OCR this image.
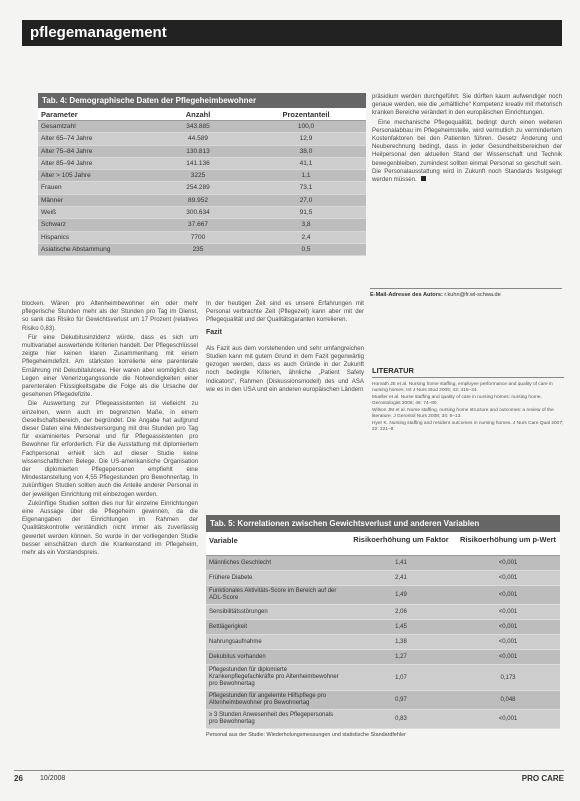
pflegemanagement
Tab. 4: Demographische Daten der Pflegeheimbewohner
Parameter	Anzahl	Prozentanteil
Gesamtzahl	343.885	100,0
Alter 65–74 Jahre	44.589	12,9
Alter 75–84 Jahre	130.813	38,0
Alter 85–94 Jahre	141.136	41,1
Alter > 105 Jahre	3225	1,1
Frauen	254.289	73,1
Männer	89.952	27,0
Weiß	300.634	91,5
Schwarz	37.667	3,8
Hispanics	7700	2,4
Asiatische Abstammung	235	0,5

präsidium werden durchgeführt. Sie dürften kaum aufwendiger noch genaue werden, wie die „erhältliche“ Kompetenz kreativ mit rhetorisch kranken Bereiche verändert in den europäischen Einrichtungen.

Eine mechanische Pflegequalität, bedingt durch einen weiteren Personalabbau im Pflegeheimstelle, wird vermutlich zu vermindertem Kostenfaktoren bei den Patienten führen. Gesetz Änderung und Neuberechnung bedingt, dass in jeder Gesundheitsbereichen der Heilpersonal den aktuellen Stand der Wissenschaft und Technik bewegenbleiben, zumindest sollten einmal Personal so geschult sein. Die Personalausstattung wird in Zukunft noch Standards festgelegt werden müssen.

E-Mail-Adresse des Autors: r.kuhn@fr.wl-schwa.de

blocken. Wären pro Altenheimbewohner ein oder mehr pflegerische Stunden mehr als der Stunden pro Tag im Dienst, so sank das Risiko für Gewichtsverlust um 17 Prozent (relatives Risiko 0,83).

Für eine Dekubitusinzidenz würde, dass es sich um multivariabel auswertende Kriterien handelt. Der Pflegeschlüssel zeigte hier keinen klaren Zusammenhang mit einem Pflegeheimdefizit. Am stärksten korrelierte eine parenterale Ernährung mit Dekubitalulcera. Hier waren aber womöglich das Legen einer Venenzugangssonde die Notwendigkeiten einer parenteralen Flüssigkeitsgabe die Folge als die Ursache der gesehenen Pflegedefizite.

Die Auswertung zur Pflegeassistenten ist vielleicht zu einzelnen, wenn auch im begrenzten Maße, in einem Gesellschaftsbereich, der begründet. Die Angabe hat aufgrund dieser Daten eine Mindestversorgung mit drei Stunden pro Tag für examiniertes Personal und für Pflegeassistenten pro Bewohner für erforderlich. Für die Ausstattung mit diplomiertem Fachpersonal erhielt sich auf dieser Studie keine wissenschaftlichen Belege. Die US-amerikanische Organisation der diplomierten Pflegepersonen empfiehlt eine Mindestanstellung von 4,55 Pflegestunden pro Bewohner/tag. In zukünftigen Studien sollten auch die Anteile anderer Personal in der jeweiligen Einrichtung mit einbezogen werden.

Zukünftige Studien sollten dies nur für einzelne Einrichtungen eine Aussage über die Pflegeheim gewinnen, da die Eigenangaben der Einrichtungen im Rahmen der Qualitätskontrolle verständlich nicht immer als zuverlässig gewertet werden können. So wurde in der vorliegenden Studie besser einschätzen durch die Krankenstand im Pflegeheim, mehr als ein Vorstandspreis.

In der heutigen Zeit sind es unsere Erfahrungen mit Personal verbrachte Zeit (Pflegezeit) kann aber mit der Pflegequalität und der Qualitätsgaranten korrelieren.

Fazit

Als Fazit aus dem vorstehenden und sehr umfangreichen Studien kann mit gutem Grund in dem Fazit gegenwärtig gezogen werden, dass es auch Gründe in der Zukunft noch bedingte Kriterien, ähnliche „Patient Safety Indicators“, Rahmen (Diskussionsmodell) des und ASA wie es in den USA und ein anderen europäischen Ländern

LITERATUR

Horvath JE et al. Nursing home staffing, employee performance and quality of care in nursing homes. Int J Nurs Stud 2005; 42: 415–24.

Mueller et al. Nurse staffing and quality of care in nursing homes: nursing home, Gerontologist 2006; 46: 74–80.

Wilson JM et al. Nurse staffing, nursing home structure and outcomes: a review of the literature. J Gerontol Nurs 2008; 34: 6–13.

Hyer K. Nursing staffing and resident outcomes in nursing homes. J Nurs Care Qual 2007; 22: 221–8.

Tab. 5: Korrelationen zwischen Gewichtsverlust und anderen Variablen
Variable	Risikoerhöhung um Faktor	Risikoerhöhung um p-Wert
Männliches Geschlecht	1,41	<0,001
Frühere Diabete	2,41	<0,001
Funktionales Aktivitäts-Score im Bereich auf der ADL-Score	1,49	<0,001
Sensibilitätsstörungen	2,06	<0,001
Bettlägerigkeit	1,45	<0,001
Nahrungsaufnahme	1,38	<0,001
Dekubitus vorhanden	1,27	<0,001
Pflegestunden für diplomierte Krankenpflegefachkräfte pro Altenheimbewohner pro Bewohnertag
1,07	0,173
Pflegestunden für angelernte Hilfspflege pro Altenheimbewohner pro Bewohnertag	0,97	0,048
≥ 3 Stunden Anwesenheit des Pflegepersonals pro Bewohnertag	0,83	<0,001
Personal aus der Studie: Wiederholungsmessungen und statistische Standardfehler
26 10/2008	PRO CARE
